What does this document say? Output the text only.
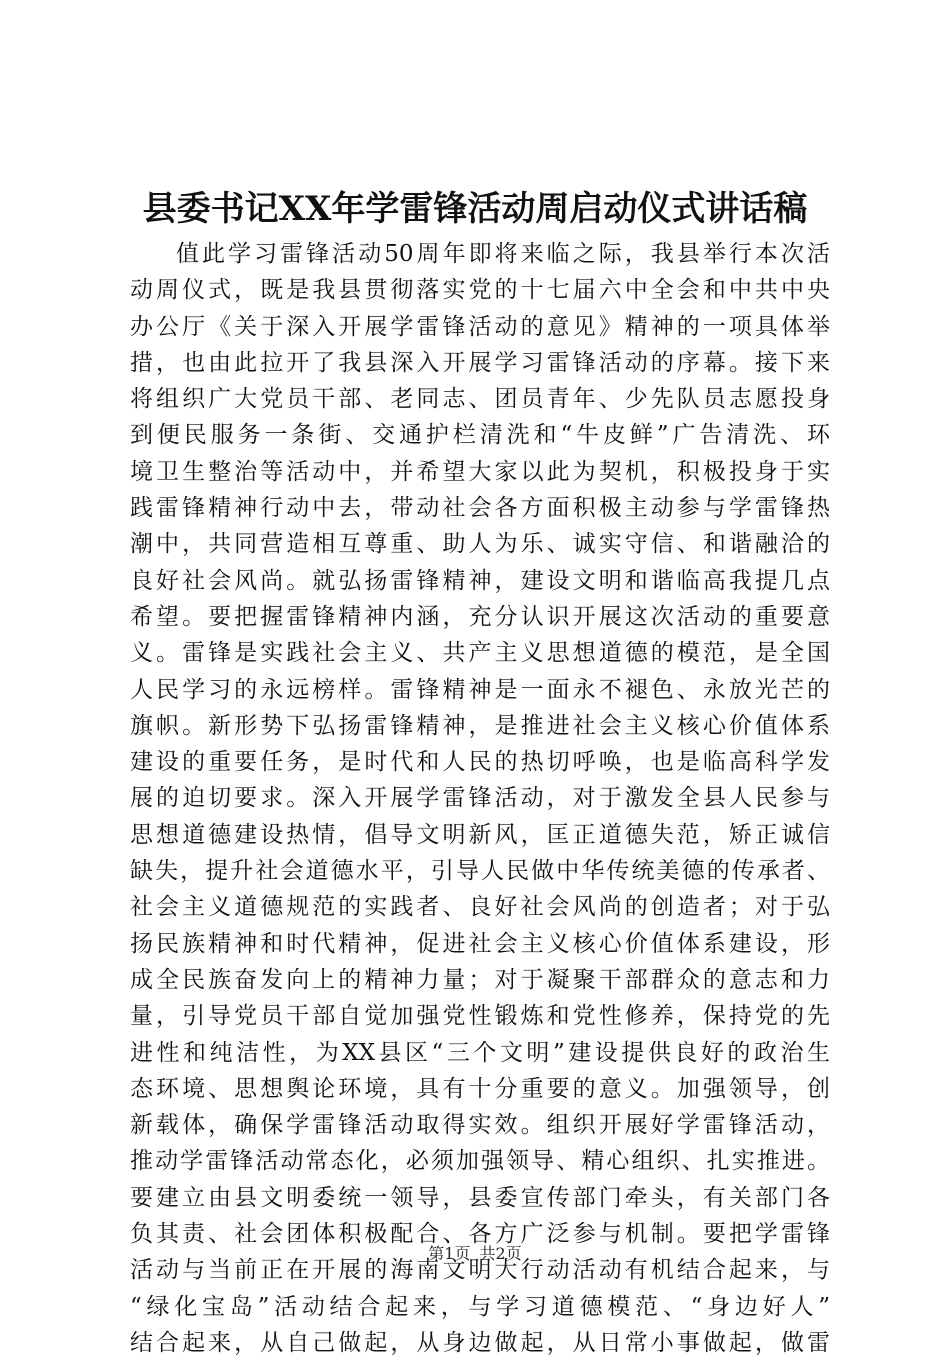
县委书记XX年学雷锋活动周启动仪式讲话稿
值此学习雷锋活动50周年即将来临之际，我县举行本次活
动周仪式，既是我县贯彻落实党的十七届六中全会和中共中央
办公厅《关于深入开展学雷锋活动的意见》精神的一项具体举
措，也由此拉开了我县深入开展学习雷锋活动的序幕。接下来
将组织广大党员干部、老同志、团员青年、少先队员志愿投身
到便民服务一条街、交通护栏清洗和“牛皮鲜”广告清洗、环
境卫生整治等活动中，并希望大家以此为契机，积极投身于实
践雷锋精神行动中去，带动社会各方面积极主动参与学雷锋热
潮中，共同营造相互尊重、助人为乐、诚实守信、和谐融洽的
良好社会风尚。就弘扬雷锋精神，建设文明和谐临高我提几点
希望。要把握雷锋精神内涵，充分认识开展这次活动的重要意
义。雷锋是实践社会主义、共产主义思想道德的模范，是全国
人民学习的永远榜样。雷锋精神是一面永不褪色、永放光芒的
旗帜。新形势下弘扬雷锋精神，是推进社会主义核心价值体系
建设的重要任务，是时代和人民的热切呼唤，也是临高科学发
展的迫切要求。深入开展学雷锋活动，对于激发全县人民参与
思想道德建设热情，倡导文明新风，匡正道德失范，矫正诚信
缺失，提升社会道德水平，引导人民做中华传统美德的传承者、
社会主义道德规范的实践者、良好社会风尚的创造者；对于弘
扬民族精神和时代精神，促进社会主义核心价值体系建设，形
成全民族奋发向上的精神力量；对于凝聚干部群众的意志和力
量，引导党员干部自觉加强党性锻炼和党性修养，保持党的先
进性和纯洁性，为XX县区“三个文明”建设提供良好的政治生
态环境、思想舆论环境，具有十分重要的意义。加强领导，创
新载体，确保学雷锋活动取得实效。组织开展好学雷锋活动，
推动学雷锋活动常态化，必须加强领导、精心组织、扎实推进。
要建立由县文明委统一领导，县委宣传部门牵头，有关部门各
负其责、社会团体积极配合、各方广泛参与机制。要把学雷锋
活动与当前正在开展的海南文明大行动活动有机结合起来，与
“绿化宝岛”活动结合起来，与学习道德模范、“身边好人”
结合起来，从自己做起，从身边做起，从日常小事做起，做雷
第1页 共2页
